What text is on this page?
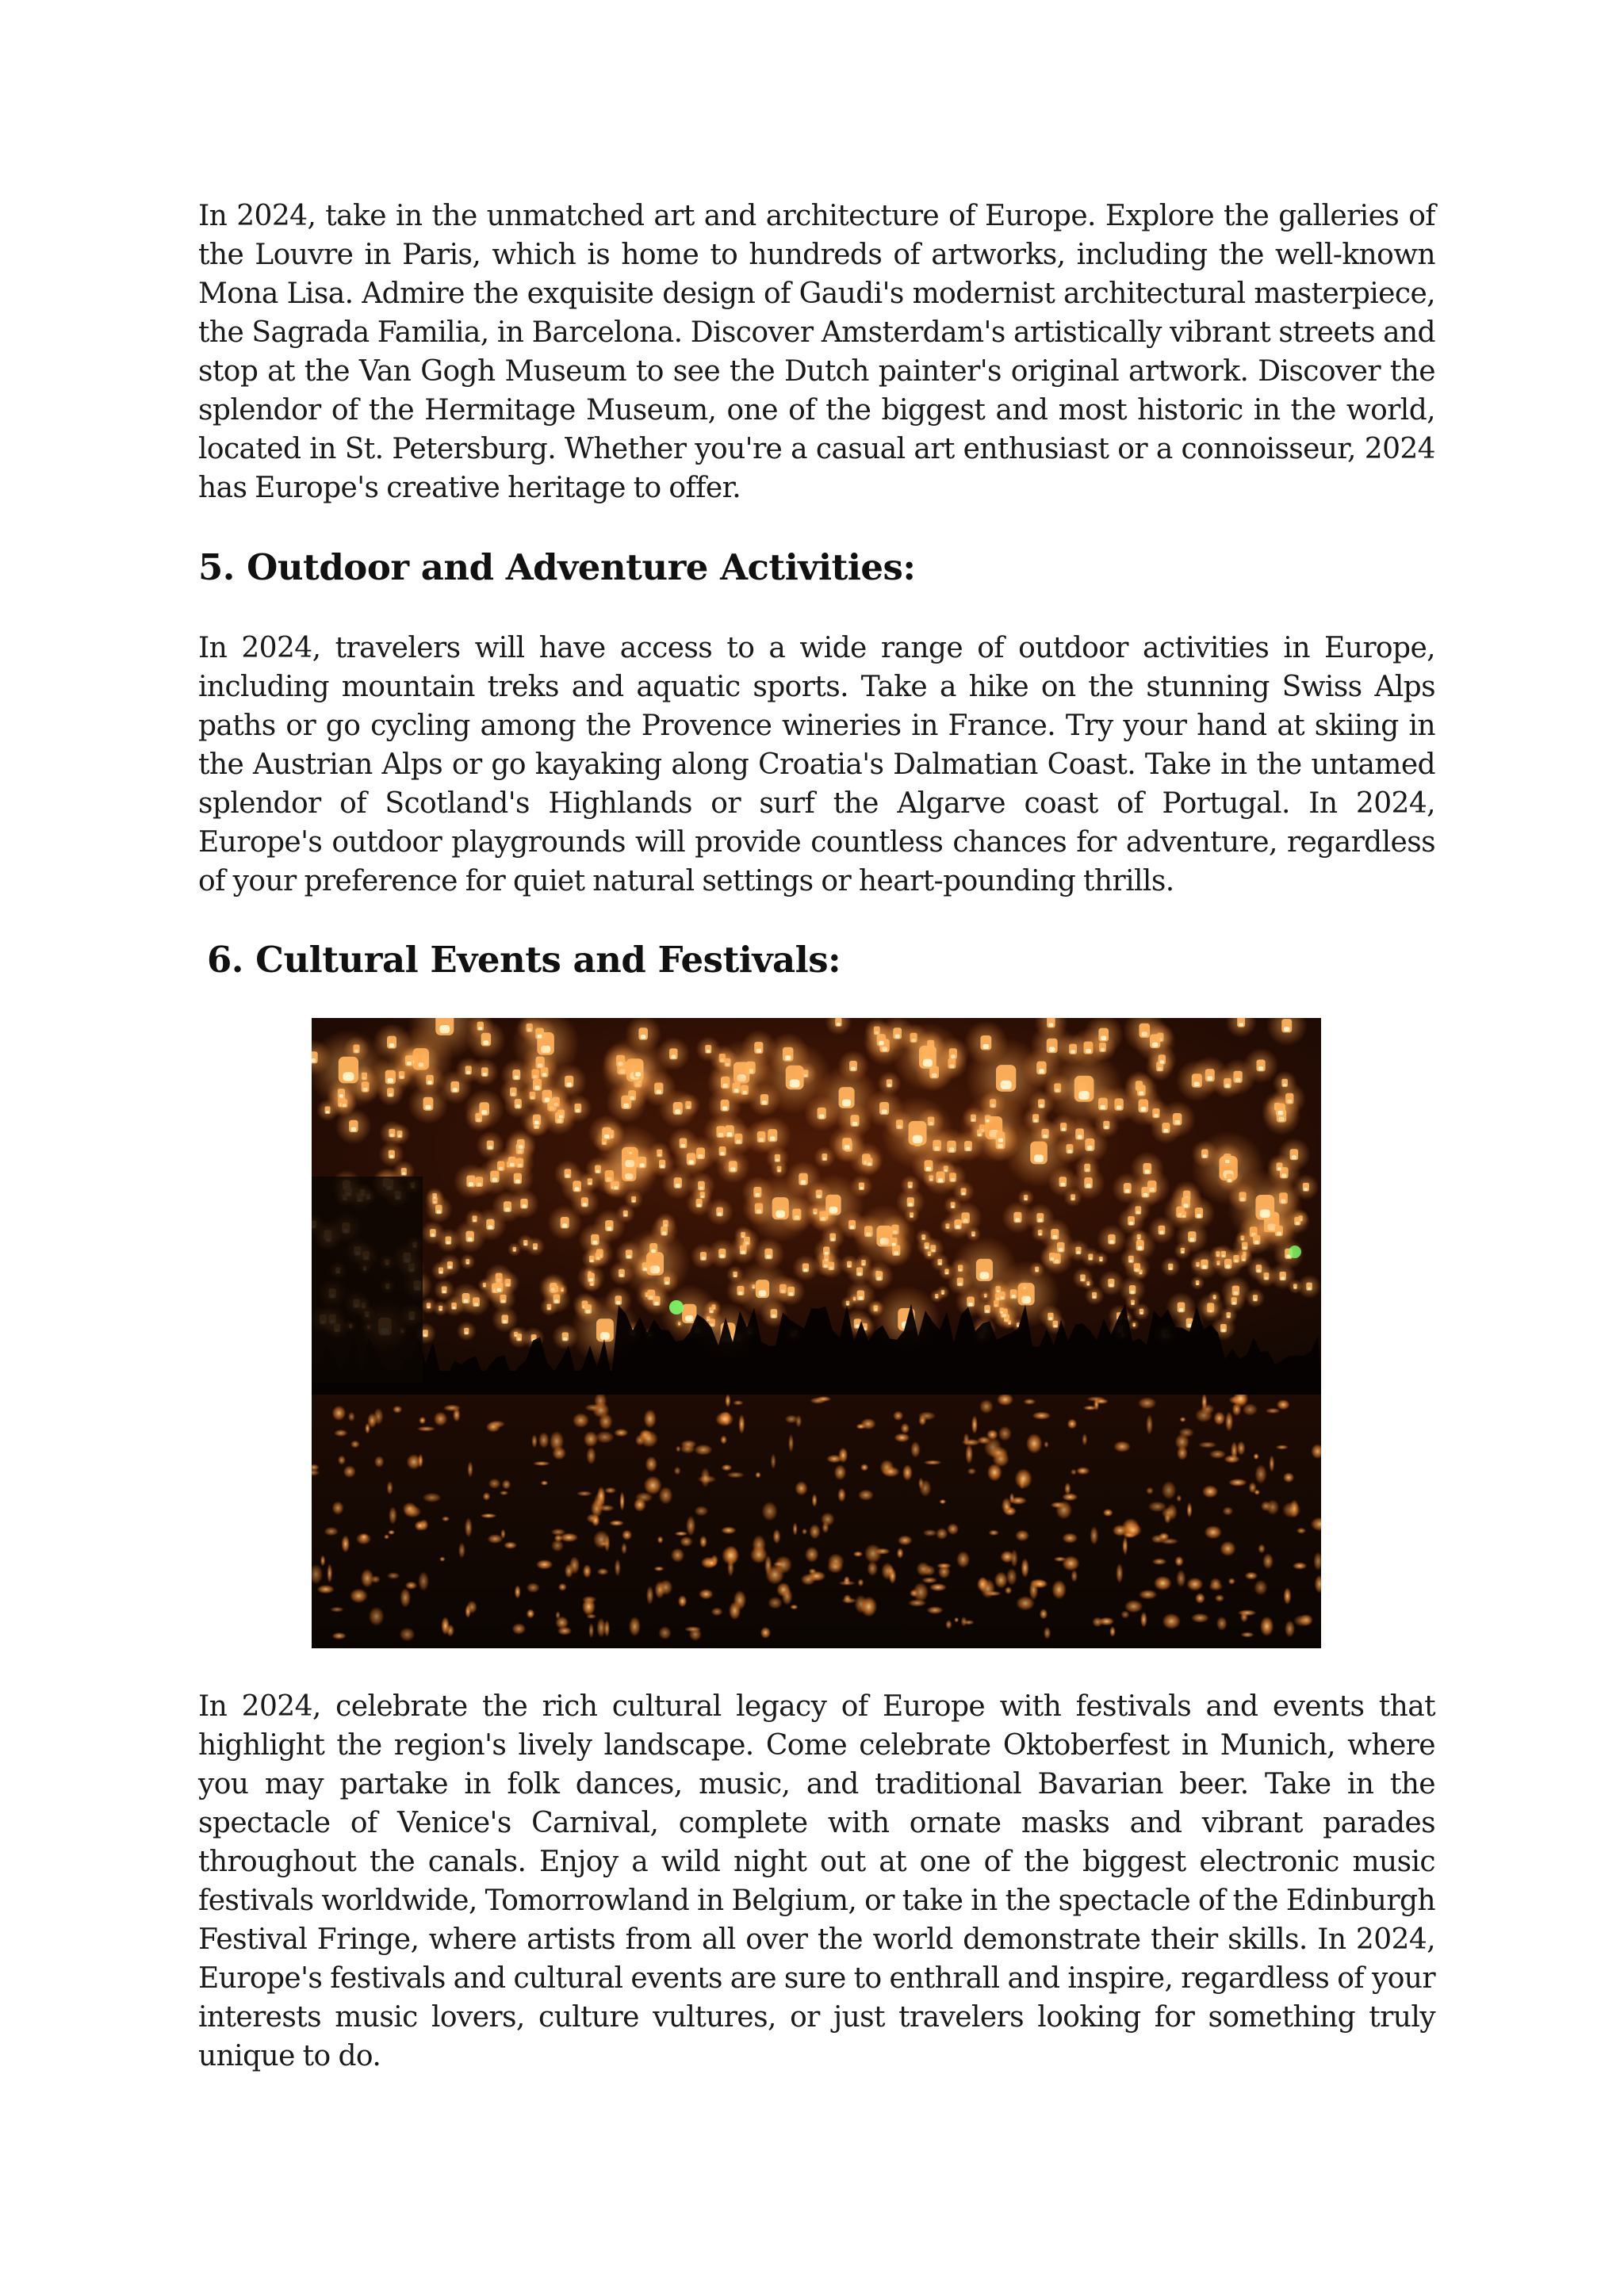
In 2024, take in the unmatched art and architecture of Europe. Explore the galleries of the Louvre in Paris, which is home to hundreds of artworks, including the well-known Mona Lisa. Admire the exquisite design of Gaudi's modernist architectural masterpiece, the Sagrada Familia, in Barcelona. Discover Amsterdam's artistically vibrant streets and stop at the Van Gogh Museum to see the Dutch painter's original artwork. Discover the splendor of the Hermitage Museum, one of the biggest and most historic in the world, located in St. Petersburg. Whether you're a casual art enthusiast or a connoisseur, 2024 has Europe's creative heritage to offer.

5. Outdoor and Adventure Activities:

In 2024, travelers will have access to a wide range of outdoor activities in Europe, including mountain treks and aquatic sports. Take a hike on the stunning Swiss Alps paths or go cycling among the Provence wineries in France. Try your hand at skiing in the Austrian Alps or go kayaking along Croatia's Dalmatian Coast. Take in the untamed splendor of Scotland's Highlands or surf the Algarve coast of Portugal. In 2024, Europe's outdoor playgrounds will provide countless chances for adventure, regardless of your preference for quiet natural settings or heart-pounding thrills.

6. Cultural Events and Festivals:

In 2024, celebrate the rich cultural legacy of Europe with festivals and events that highlight the region's lively landscape. Come celebrate Oktoberfest in Munich, where you may partake in folk dances, music, and traditional Bavarian beer. Take in the spectacle of Venice's Carnival, complete with ornate masks and vibrant parades throughout the canals. Enjoy a wild night out at one of the biggest electronic music festivals worldwide, Tomorrowland in Belgium, or take in the spectacle of the Edinburgh Festival Fringe, where artists from all over the world demonstrate their skills. In 2024, Europe's festivals and cultural events are sure to enthrall and inspire, regardless of your interests music lovers, culture vultures, or just travelers looking for something truly unique to do.
